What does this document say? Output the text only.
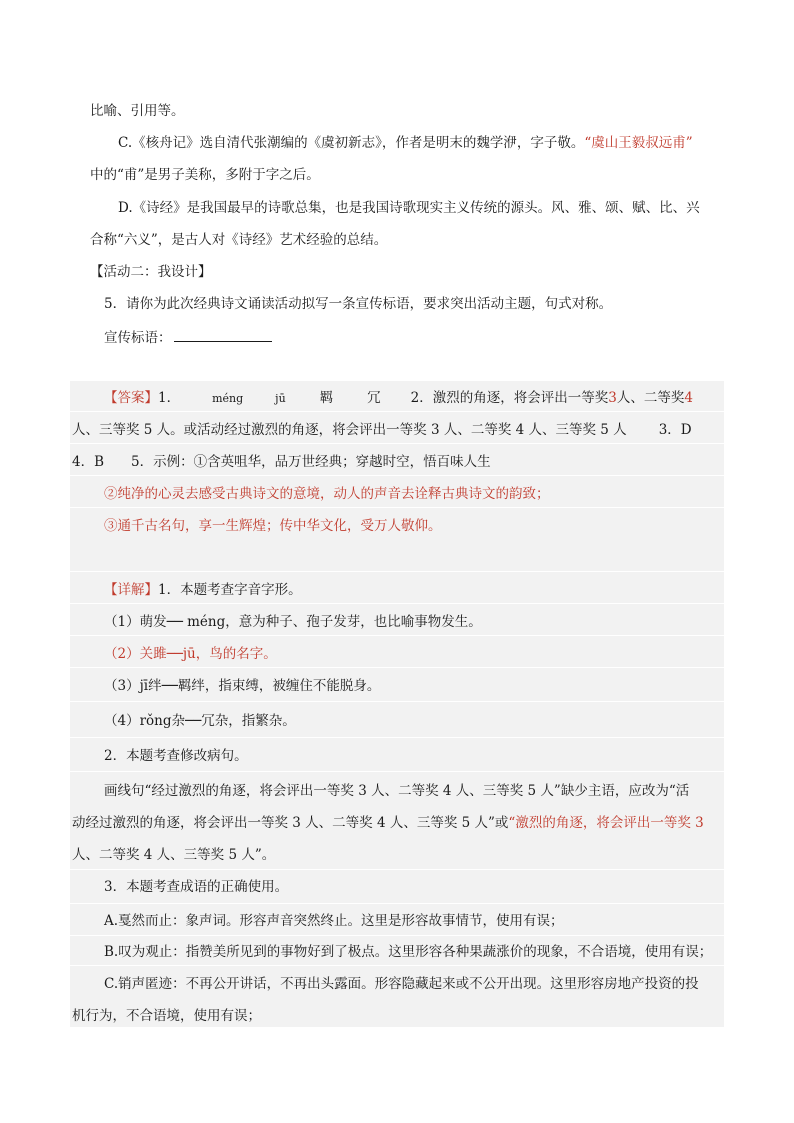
比喻、引用等。
C.《核舟记》选自清代张潮编的《虞初新志》，作者是明末的魏学洢，字子敬。“虞山王毅叔远甫”
中的“甫”是男子美称，多附于字之后。
D.《诗经》是我国最早的诗歌总集，也是我国诗歌现实主义传统的源头。风、雅、颂、赋、比、兴
合称“六义”，是古人对《诗经》艺术经验的总结。
【活动二：我设计】
5．请你为此次经典诗文诵读活动拟写一条宣传标语，要求突出活动主题，句式对称。
宣传标语：
【答案】1．	méng	jū	羁	冗 2．激烈的角逐，将会评出一等奖3人、二等奖4
人、三等奖 5 人。或活动经过激烈的角逐，将会评出一等奖 3 人、二等奖 4 人、三等奖 5 人 3．D
4．B　　5．示例：①含英咀华，品万世经典；穿越时空，悟百味人生
②纯净的心灵去感受古典诗文的意境，动人的声音去诠释古典诗文的韵致；
③通千古名句，享一生辉煌；传中华文化，受万人敬仰。
【详解】1．本题考查字音字形。
（1）萌发── méng，意为种子、孢子发芽，也比喻事物发生。
（2）关雎──jū，鸟的名字。
（3）jī绊──羁绊，指束缚，被缠住不能脱身。
（4）rǒng杂──冗杂，指繁杂。
2．本题考查修改病句。
画线句“经过激烈的角逐，将会评出一等奖 3 人、二等奖 4 人、三等奖 5 人”缺少主语，应改为“活
动经过激烈的角逐，将会评出一等奖 3 人、二等奖 4 人、三等奖 5 人”或“激烈的角逐，将会评出一等奖 3
人、二等奖 4 人、三等奖 5 人”。
3．本题考查成语的正确使用。
A.戛然而止：象声词。形容声音突然终止。这里是形容故事情节，使用有误；
B.叹为观止：指赞美所见到的事物好到了极点。这里形容各种果蔬涨价的现象，不合语境，使用有误；
C.销声匿迹：不再公开讲话，不再出头露面。形容隐藏起来或不公开出现。这里形容房地产投资的投
机行为，不合语境，使用有误；
